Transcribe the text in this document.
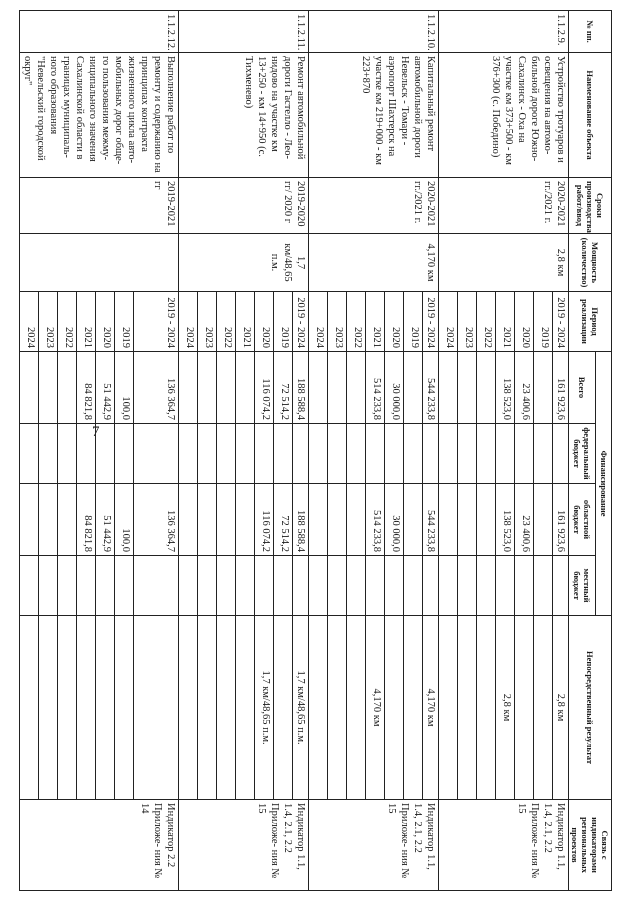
7
№ пп.	Наименование объекта	Сроки производства работ/ввод	Мощность (количество)	Период реализации	Финансирование				Непосредственный результат	Связь с индикаторами региональных проектов
					Всего	федеральный бюджет	областной бюджет	местный бюджет		
1.1.2.9.	Устройство тротуаров и освещения на автомо- бильной дороге Южно- Сахалинск - Оха на участке км 373+500 - км 376+300 (с. Победино)	2020-2021 гг./2021 г.	2,8 км	2019 - 2024	161 923,6		161 923,6		2,8 км	Индикатор 1.1, 1.4, 2.1, 2.2 Приложе- ния № 15
				2019						
				2020	23 400,6		23 400,6			
				2021	138 523,0		138 523,0		2,8 км	
				2022						
				2023						
				2024						
1.1.2.10.	Капитальный ремонт автомобильной дороги Невельск - Томари - аэропорт Шахтерск на участке км 219+000 - км 223+870	2020-2021 гг./2021 г.	4,170 км	2019 - 2024	544 233,8		544 233,8		4,170 км	Индикатор 1.1, 1.4, 2.1, 2.2 Приложе- ния № 15
				2019						
				2020	30 000,0		30 000,0			
				2021	514 233,8		514 233,8		4,170 км	
				2022						
				2023						
				2024						
1.1.2.11.	Ремонт автомобильной дороги Гастелло - Лео- нидово на участке км 13+250 - км 14+950 (с. Тихменево)	2019-2020 гг/ 2020 г	1,7 км/48,65 п.м.	2019 - 2024	188 588,4		188 588,4		1,7 км/48,65 п.м.	Индикатор 1.1, 1.4, 2.1, 2.2 Приложе- ния № 15
				2019	72 514,2		72 514,2			
				2020	116 074,2		116 074,2		1,7 км/48,65 п.м.	
				2021						
				2022						
				2023						
				2024						
1.1.2.12.	Выполнение работ по ремонту и содержанию на принципах контракта жизненного цикла авто- мобильных дорог обще- го пользования межму- ниципального значения Сахалинской области в границах муниципаль- ного образования "Невельский городской округ"	2019-2021 гг		2019 - 2024	136 364,7		136 364,7			Индикатор 2.2 Приложе- ния № 14
				2019	100,0		100,0			
				2020	51 442,9		51 442,9			
				2021	84 821,8		84 821,8			
				2022						
				2023						
				2024						
